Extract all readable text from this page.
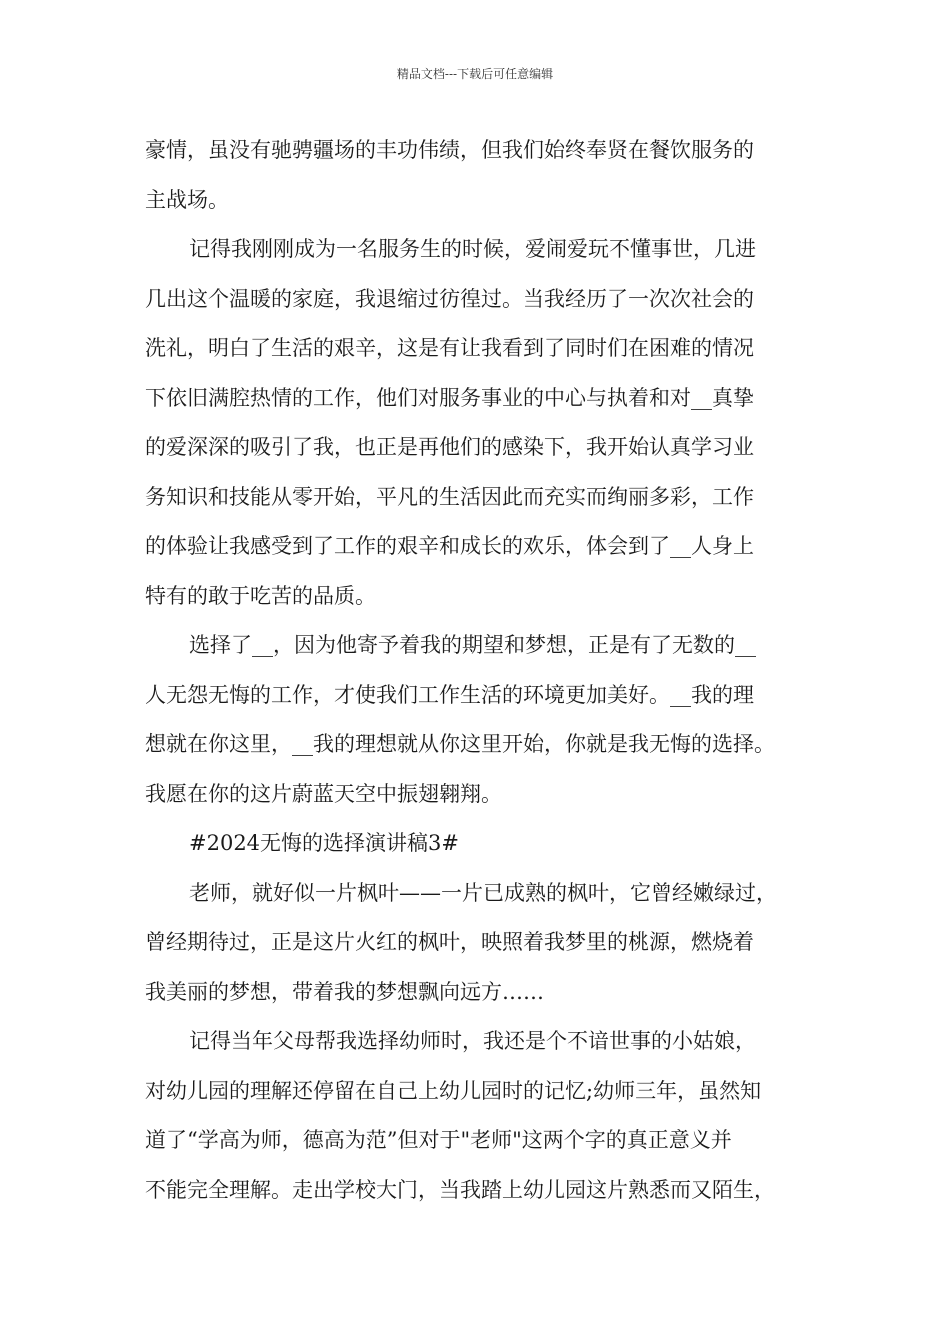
精品文档---下载后可任意编辑
豪情，虽没有驰骋疆场的丰功伟绩，但我们始终奉贤在餐饮服务的
主战场。
记得我刚刚成为一名服务生的时候，爱闹爱玩不懂事世，几进
几出这个温暖的家庭，我退缩过彷徨过。当我经历了一次次社会的
洗礼，明白了生活的艰辛，这是有让我看到了同时们在困难的情况
下依旧满腔热情的工作，他们对服务事业的中心与执着和对__真挚
的爱深深的吸引了我，也正是再他们的感染下，我开始认真学习业
务知识和技能从零开始，平凡的生活因此而充实而绚丽多彩，工作
的体验让我感受到了工作的艰辛和成长的欢乐，体会到了__人身上
特有的敢于吃苦的品质。
选择了__，因为他寄予着我的期望和梦想，正是有了无数的__
人无怨无悔的工作，才使我们工作生活的环境更加美好。__我的理
想就在你这里，__我的理想就从你这里开始，你就是我无悔的选择。
我愿在你的这片蔚蓝天空中振翅翱翔。
#2024无悔的选择演讲稿3#
老师，就好似一片枫叶——一片已成熟的枫叶，它曾经嫩绿过，
曾经期待过，正是这片火红的枫叶，映照着我梦里的桃源，燃烧着
我美丽的梦想，带着我的梦想飘向远方……
记得当年父母帮我选择幼师时，我还是个不谙世事的小姑娘，
对幼儿园的理解还停留在自己上幼儿园时的记忆;幼师三年，虽然知
道了“学高为师，德高为范”但对于"老师"这两个字的真正意义并
不能完全理解。走出学校大门，当我踏上幼儿园这片熟悉而又陌生，
